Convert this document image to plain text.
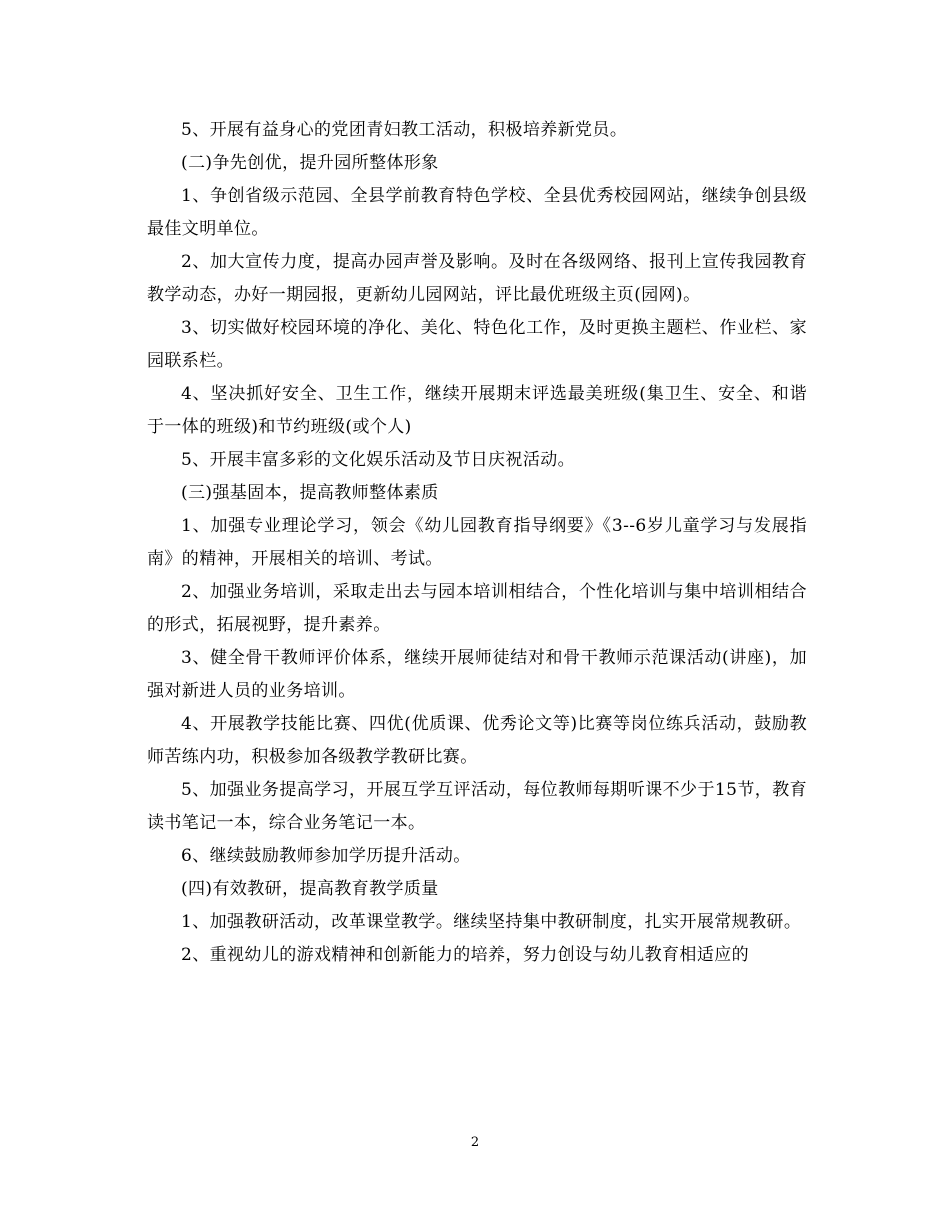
5、开展有益身心的党团青妇教工活动，积极培养新党员。

(二)争先创优，提升园所整体形象

1、争创省级示范园、全县学前教育特色学校、全县优秀校园网站，继续争创县级最佳文明单位。

2、加大宣传力度，提高办园声誉及影响。及时在各级网络、报刊上宣传我园教育教学动态，办好一期园报，更新幼儿园网站，评比最优班级主页(园网)。

3、切实做好校园环境的净化、美化、特色化工作，及时更换主题栏、作业栏、家园联系栏。

4、坚决抓好安全、卫生工作，继续开展期末评选最美班级(集卫生、安全、和谐于一体的班级)和节约班级(或个人)

5、开展丰富多彩的文化娱乐活动及节日庆祝活动。

(三)强基固本，提高教师整体素质

1、加强专业理论学习，领会《幼儿园教育指导纲要》《3--6岁儿童学习与发展指南》的精神，开展相关的培训、考试。

2、加强业务培训，采取走出去与园本培训相结合，个性化培训与集中培训相结合的形式，拓展视野，提升素养。

3、健全骨干教师评价体系，继续开展师徒结对和骨干教师示范课活动(讲座)，加强对新进人员的业务培训。

4、开展教学技能比赛、四优(优质课、优秀论文等)比赛等岗位练兵活动，鼓励教师苦练内功，积极参加各级教学教研比赛。

5、加强业务提高学习，开展互学互评活动，每位教师每期听课不少于15节，教育读书笔记一本，综合业务笔记一本。

6、继续鼓励教师参加学历提升活动。

(四)有效教研，提高教育教学质量

1、加强教研活动，改革课堂教学。继续坚持集中教研制度，扎实开展常规教研。

2、重视幼儿的游戏精神和创新能力的培养，努力创设与幼儿教育相适应的

2
